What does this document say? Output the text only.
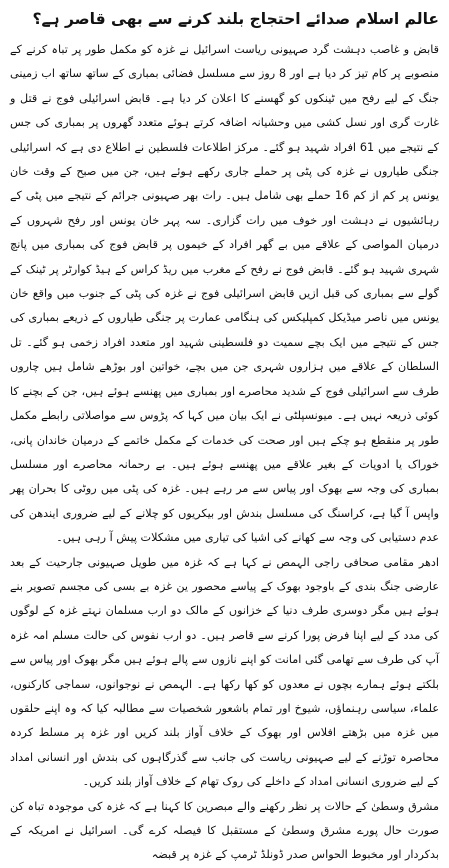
عالم اسلام صدائے احتجاج بلند کرنے سے بھی قاصر ہے؟

قابض و غاصب دہشت گرد صہیونی ریاست اسرائیل نے غزہ کو مکمل طور پر تباہ کرنے کے منصوبے پر کام تیز کر دیا ہے اور 8 روز سے مسلسل فضائی بمباری کے ساتھ ساتھ اب زمینی جنگ کے لیے رفح میں ٹینکوں کو گھسنے کا اعلان کر دیا ہے۔ قابض اسرائیلی فوج نے قتل و غارت گری اور نسل کشی میں وحشیانہ اضافہ کرتے ہوئے متعدد گھروں پر بمباری کی جس کے نتیجے میں 61 افراد شہید ہو گئے۔ مرکز اطلاعات فلسطین نے اطلاع دی ہے کہ اسرائیلی جنگی طیاروں نے غزہ کی پٹی پر حملے جاری رکھے ہوئے ہیں، جن میں صبح کے وقت خان یونس پر کم از کم 16 حملے بھی شامل ہیں۔ رات بھر صہیونی جرائم کے نتیجے میں پٹی کے رہائشیوں نے دہشت اور خوف میں رات گزاری۔ سہ پہر خان یونس اور رفح شہروں کے درمیان المواصی کے علاقے میں بے گھر افراد کے خیموں پر قابض فوج کی بمباری میں پانچ شہری شہید ہو گئے۔ قابض فوج نے رفح کے مغرب میں ریڈ کراس کے ہیڈ کوارٹر پر ٹینک کے گولے سے بمباری کی قبل ازیں قابض اسرائیلی فوج نے غزہ کی پٹی کے جنوب میں واقع خان یونس میں ناصر میڈیکل کمپلیکس کی ہنگامی عمارت پر جنگی طیاروں کے ذریعے بمباری کی جس کے نتیجے میں ایک بچے سمیت دو فلسطینی شہید اور متعدد افراد زخمی ہو گئے۔ تل السلطان کے علاقے میں ہزاروں شہری جن میں بچے، خواتین اور بوڑھے شامل ہیں چاروں طرف سے اسرائیلی فوج کے شدید محاصرے اور بمباری میں پھنسے ہوئے ہیں، جن کے بچنے کا کوئی ذریعہ نہیں ہے۔ میونسپلٹی نے ایک بیان میں کہا کہ پڑوس سے مواصلاتی رابطے مکمل طور پر منقطع ہو چکے ہیں اور صحت کی خدمات کے مکمل خاتمے کے درمیان خاندان پانی، خوراک یا ادویات کے بغیر علاقے میں پھنسے ہوئے ہیں۔ بے رحمانہ محاصرے اور مسلسل بمباری کی وجہ سے بھوک اور پیاس سے مر رہے ہیں۔ غزہ کی پٹی میں روٹی کا بحران پھر واپس آ گیا ہے، کراسنگ کی مسلسل بندش اور بیکریوں کو چلانے کے لیے ضروری ایندھن کی عدم دستیابی کی وجہ سے کھانے کی اشیا کی تیاری میں مشکلات پیش آ رہی ہیں۔

ادھر مقامی صحافی راجی الہمص نے کہا ہے کہ غزہ میں طویل صہیونی جارحیت کے بعد عارضی جنگ بندی کے باوجود بھوک کے پیاسے محصور ین غزہ بے بسی کی مجسم تصویر بنے ہوئے ہیں مگر دوسری طرف دنیا کے خزانوں کے مالک دو ارب مسلمان نہتے غزہ کے لوگوں کی مدد کے لیے اپنا فرض پورا کرنے سے قاصر ہیں۔ دو ارب نفوس کی حالت مسلم امہ غزہ آپ کی طرف سے تھامی گئی امانت کو اپنے نازوں سے پالے ہوئے ہیں مگر بھوک اور پیاس سے بلکتے ہوئے ہمارے بچوں نے معدوں کو کھا رکھا ہے۔ الہمص نے نوجوانوں، سماجی کارکنوں، علماء، سیاسی رہنماؤں، شیوخ اور تمام باشعور شخصیات سے مطالبہ کیا کہ وہ اپنے حلقوں میں غزہ میں بڑھتے افلاس اور بھوک کے خلاف آواز بلند کریں اور غزہ پر مسلط کردہ محاصرہ توڑنے کے لیے صہیونی ریاست کی جانب سے گذرگاہوں کی بندش اور انسانی امداد کے لیے ضروری انسانی امداد کے داخلے کی روک تھام کے خلاف آواز بلند کریں۔

مشرق وسطیٰ کے حالات پر نظر رکھنے والے مبصرین کا کہنا ہے کہ غزہ کی موجودہ تباہ کن صورت حال پورے مشرق وسطیٰ کے مستقبل کا فیصلہ کرے گی۔ اسرائیل نے امریکہ کے بدکردار اور مخبوط الحواس صدر ڈونلڈ ٹرمپ کے غزہ پر قبضہ
